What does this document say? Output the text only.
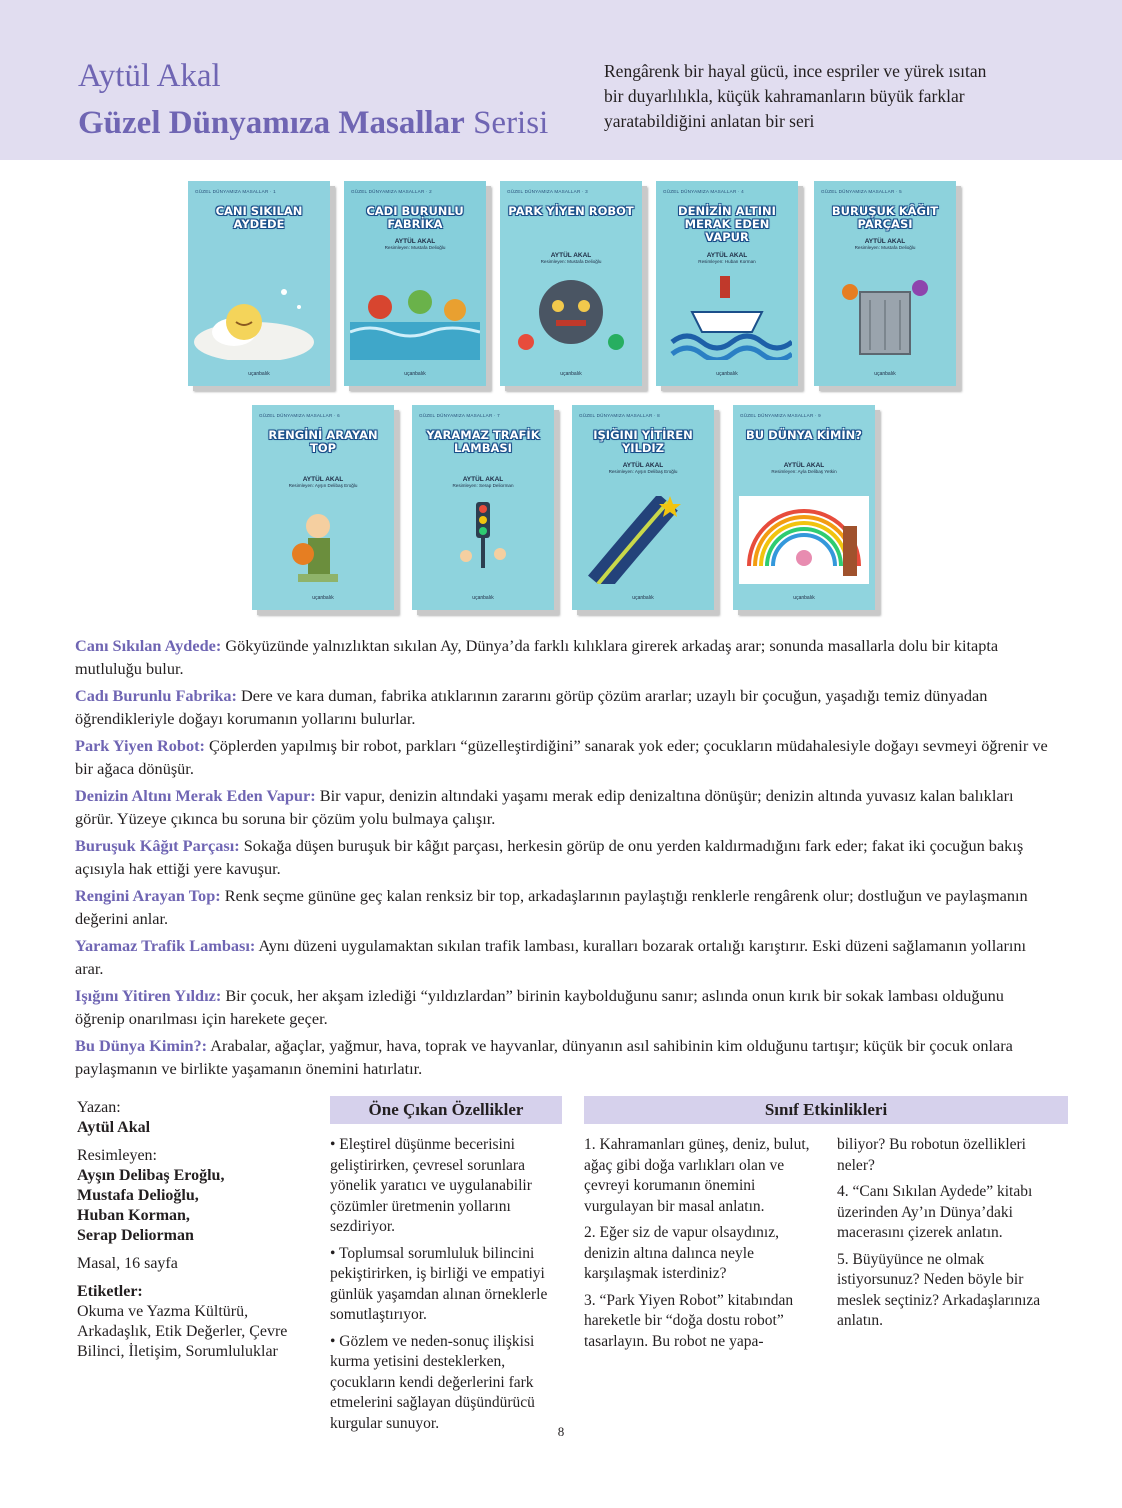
Aytül Akal
Güzel Dünyamıza Masallar Serisi
Rengârenk bir hayal gücü, ince espriler ve yürek ısıtan
bir duyarlılıkla, küçük kahramanların büyük farklar
yaratabildiğini anlatan bir seri
GÜZEL DÜNYAMIZA MASALLAR · 1
CANI SIKILAN AYDEDE
uçanbalık
GÜZEL DÜNYAMIZA MASALLAR · 2
CADI BURUNLU FABRİKA
AYTÜL AKAL
Resimleyen: Mustafa Delioğlu
uçanbalık
GÜZEL DÜNYAMIZA MASALLAR · 3
PARK YİYEN ROBOT
AYTÜL AKAL
Resimleyen: Mustafa Delioğlu
uçanbalık
GÜZEL DÜNYAMIZA MASALLAR · 4
DENİZİN ALTINI MERAK EDEN VAPUR
AYTÜL AKAL
Resimleyen: Huban Korman
uçanbalık
GÜZEL DÜNYAMIZA MASALLAR · 5
BURUŞUK KÂĞIT PARÇASI
AYTÜL AKAL
Resimleyen: Mustafa Delioğlu
uçanbalık
GÜZEL DÜNYAMIZA MASALLAR · 6
RENGİNİ ARAYAN TOP
AYTÜL AKAL
Resimleyen: Ayşın Delibaş Eroğlu
uçanbalık
GÜZEL DÜNYAMIZA MASALLAR · 7
YARAMAZ TRAFİK LAMBASI
AYTÜL AKAL
Resimleyen: Serap Deliorman
uçanbalık
GÜZEL DÜNYAMIZA MASALLAR · 8
IŞIĞINI YİTİREN YILDIZ
AYTÜL AKAL
Resimleyen: Ayşın Delibaş Eroğlu
uçanbalık
GÜZEL DÜNYAMIZA MASALLAR · 9
BU DÜNYA KİMİN?
AYTÜL AKAL
Resimleyen: Ayla Delibaş Yetkin
uçanbalık

Canı Sıkılan Aydede: Gökyüzünde yalnızlıktan sıkılan Ay, Dünya’da farklı kılıklara girerek arkadaş arar; sonunda masallarla dolu bir kitapta mutluluğu bulur.

Cadı Burunlu Fabrika: Dere ve kara duman, fabrika atıklarının zararını görüp çözüm ararlar; uzaylı bir çocuğun, yaşadığı temiz dünyadan öğrendikleriyle doğayı korumanın yollarını bulurlar.

Park Yiyen Robot: Çöplerden yapılmış bir robot, parkları “güzelleştirdiğini” sanarak yok eder; çocukların müdahalesiyle doğayı sevmeyi öğrenir ve bir ağaca dönüşür.

Denizin Altını Merak Eden Vapur: Bir vapur, denizin altındaki yaşamı merak edip denizaltına dönüşür; denizin altında yuvasız kalan balıkları görür. Yüzeye çıkınca bu soruna bir çözüm yolu bulmaya çalışır.

Buruşuk Kâğıt Parçası: Sokağa düşen buruşuk bir kâğıt parçası, herkesin görüp de onu yerden kaldırmadığını fark eder; fakat iki çocuğun bakış açısıyla hak ettiği yere kavuşur.

Rengini Arayan Top: Renk seçme gününe geç kalan renksiz bir top, arkadaşlarının paylaştığı renklerle rengârenk olur; dostluğun ve paylaşmanın değerini anlar.

Yaramaz Trafik Lambası: Aynı düzeni uygulamaktan sıkılan trafik lambası, kuralları bozarak ortalığı karıştırır. Eski düzeni sağlamanın yollarını arar.

Işığını Yitiren Yıldız: Bir çocuk, her akşam izlediği “yıldızlardan” birinin kaybolduğunu sanır; aslında onun kırık bir sokak lambası olduğunu öğrenip onarılması için harekete geçer.

Bu Dünya Kimin?: Arabalar, ağaçlar, yağmur, hava, toprak ve hayvanlar, dünyanın asıl sahibinin kim olduğunu tartışır; küçük bir çocuk onlara paylaşmanın ve birlikte yaşamanın önemini hatırlatır.

Yazan:
Aytül Akal
Resimleyen:
Ayşın Delibaş Eroğlu,
Mustafa Delioğlu,
Huban Korman,
Serap Deliorman
Masal, 16 sayfa
Etiketler:
Okuma ve Yazma Kültürü, Arkadaşlık, Etik Değerler, Çevre Bilinci, İletişim, Sorumluluklar
Öne Çıkan Özellikler

• Eleştirel düşünme becerisini geliştirirken, çevresel sorunlara yönelik yaratıcı ve uygulanabilir çözümler üretmenin yollarını sezdiriyor.

• Toplumsal sorumluluk bilincini pekiştirirken, iş birliği ve empatiyi günlük yaşamdan alınan örneklerle somutlaştırıyor.

• Gözlem ve neden-sonuç ilişkisi kurma yetisini desteklerken, çocukların kendi değerlerini fark etmelerini sağlayan düşündürücü kurgular sunuyor.

Sınıf Etkinlikleri

1. Kahramanları güneş, deniz, bulut, ağaç gibi doğa varlıkları olan ve çevreyi korumanın önemini vurgulayan bir masal anlatın.

2. Eğer siz de vapur olsaydınız, denizin altına dalınca neyle karşılaşmak isterdiniz?

3. “Park Yiyen Robot” kitabından hareketle bir “doğa dostu robot” tasarlayın. Bu robot ne yapa-

biliyor? Bu robotun özellikleri neler?

4. “Canı Sıkılan Aydede” kitabı üzerinden Ay’ın Dünya’daki macerasını çizerek anlatın.

5. Büyüyünce ne olmak istiyorsunuz? Neden böyle bir meslek seçtiniz? Arkadaşlarınıza anlatın.

8
